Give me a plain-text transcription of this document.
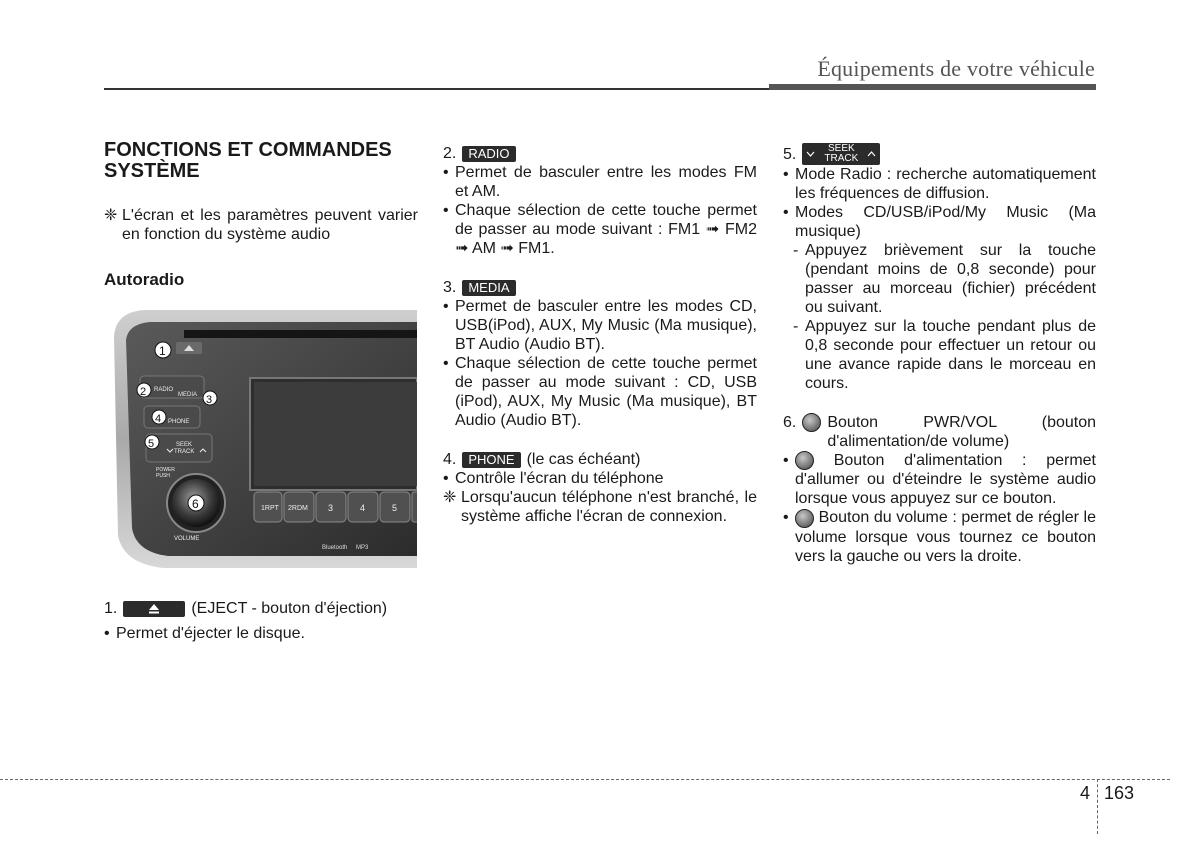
Équipements de votre véhicule
FONCTIONS ET COMMANDES
SYSTÈME
❈ L'écran et les paramètres peuvent varier en fonction du système audio
Autoradio
RADIO
MEDIA
PHONE
SEEK
TRACK
POWER
PUSH
VOLUME
1RPT 2RDM 3	4	5
Bluetooth MP3
1
2
3
4
5
6
1.	(EJECT - bouton d'éjection)
• Permet d'éjecter le disque.
2. RADIO
• Permet de basculer entre les modes FM et AM.
• Chaque sélection de cette touche permet de passer au mode suivant : FM1 ➟ FM2 ➟ AM ➟ FM1.
3. MEDIA
• Permet de basculer entre les modes CD, USB(iPod), AUX, My Music (Ma musique), BT Audio (Audio BT).
• Chaque sélection de cette touche permet de passer au mode suivant : CD, USB (iPod), AUX, My Music (Ma musique), BT Audio (Audio BT).
4. PHONE (le cas échéant)
• Contrôle l'écran du téléphone
❈ Lorsqu'aucun téléphone n'est branché, le système affiche l'écran de connexion.
5.	SEEK
TRACK
• Mode Radio : recherche automatiquement les fréquences de diffusion.
• Modes CD/USB/iPod/My Music (Ma musique)
- Appuyez brièvement sur la touche (pendant moins de 0,8 seconde) pour passer au morceau (fichier) précédent ou suivant.
- Appuyez sur la touche pendant plus de 0,8 seconde pour effectuer un retour ou une avance rapide dans le morceau en cours.
6. Bouton PWR/VOL (bouton d'alimentation/de volume)
•	Bouton d'alimentation : permet d'allumer ou d'éteindre le système audio lorsque vous appuyez sur ce bouton.
•	Bouton du volume : permet de régler le volume lorsque vous tournez ce bouton vers la gauche ou vers la droite.
4 163
